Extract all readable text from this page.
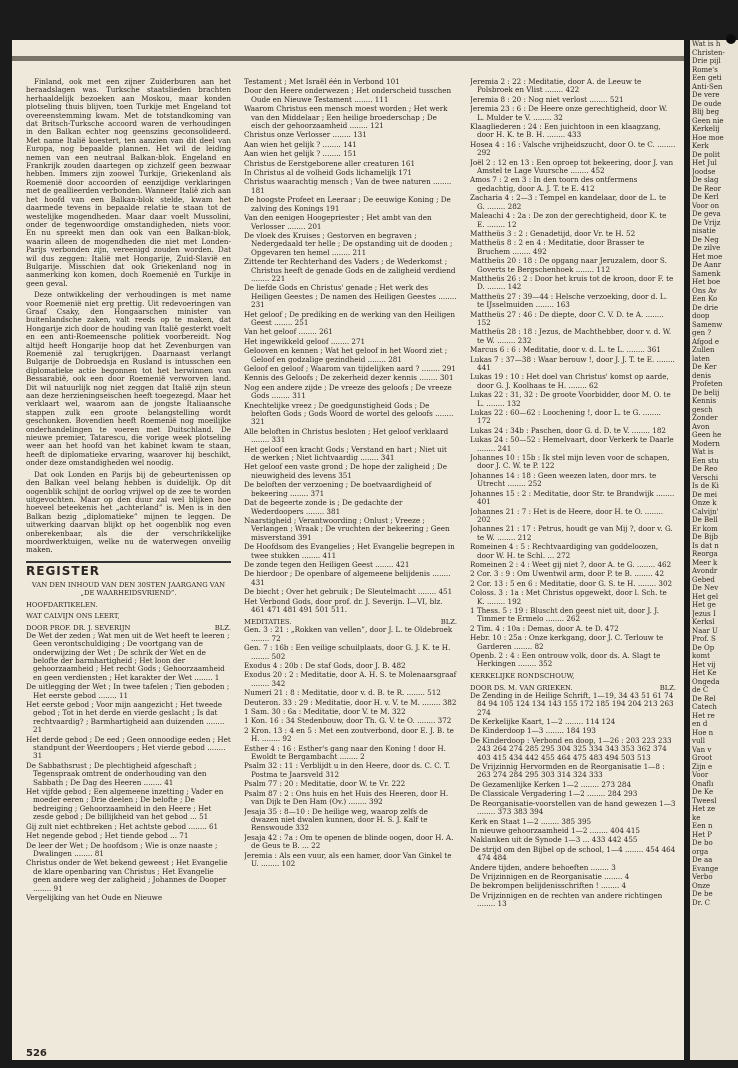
Finland, ook met een zijner Zuiderburen aan het beraadslagen was. Turksche staatslieden brachten herhaaldelijk bezoeken aan Moskou, maar konden plotseling thuis blijven, toen Turkije met Engeland tot overeenstemming kwam. Met de totstandkoming van dat Britsch-Turksche accoord waren de verhoudingen in den Balkan echter nog geenszins geconsolideerd. Met name Italië koestert, ten aanzien van dit deel van Europa, nog bepaalde plannen. Het wil de leiding nemen van een neutraal Balkan-blok. Engeland en Frankrijk zouden daartegen op zichzelf geen bezwaar hebben. Immers zijn zoowel Turkije, Griekenland als Roemenië door accoorden of eenzijdige verklaringen met de geallieerden verbonden. Wanneer Italië zich aan het hoofd van een Balkan-blok stelde, kwam het daarmede tevens in bepaalde relatie te staan tot de westelijke mogendheden. Maar daar voelt Mussolini, onder de tegenwoordige omstandigheden, niets voor. En nu spreekt men dan ook van een Balkan-blok, waarin alleen de mogendheden die niet met Londen-Parijs verbonden zijn, vereenigd zouden worden. Dat wil dus zeggen: Italië met Hongarije, Zuid-Slavië en Bulgarije. Misschien dat ook Griekenland nog in aanmerking kon komen, doch Roemenië en Turkije in geen geval.

Deze ontwikkeling der verhoudingen is met name voor Roemenië niet erg prettig. Uit redevoeringen van Graaf Csaky, den Hongaarschen minister van buitenlandsche zaken, valt reeds op te maken, dat Hongarije zich door de houding van Italië gesterkt voelt en een anti-Roemeensche politiek voorbereidt. Nog altijd heeft Hongarije hoop dat het Zevenburgen van Roemenië zal terugkrijgen. Daarnaast verlangt Bulgarije de Dobroedsja en Rusland is intusschen een diplomatieke actie begonnen tot het herwinnen van Bessarabië, ook een door Roemenië verworven land. Dit wil natuurlijk nog niet zeggen dat Italië zijn steun aan deze herzieningseischen heeft toegezegd. Maar het verklaart wel, waarom aan de jongste Italiaansche stappen zulk een groote belangstelling wordt geschonken. Bovendien heeft Roemenië nog moeilijke onderhandelingen te voeren met Duitschland. De nieuwe premier, Tatarescu, die vorige week plotseling weer aan het hoofd van het kabinet kwam te staan, heeft de diplomatieke ervaring, waarover hij beschikt, onder deze omstandigheden wel noodig.

Dat ook Londen en Parijs bij de gebeurtenissen op den Balkan veel belang hebben is duidelijk. Op dit oogenblik schijnt de oorlog vrijwel op de zee te worden uitgevochten. Maar op den duur zal wel blijken hoe hoeveel beteekenis het „achterland” is. Men is in den Balkan bezig „diplomatieke” mijnen te leggen. De uitwerking daarvan blijkt op het oogenblik nog even onberekenbaar, als die der verschrikkelijke moordwerktuigen, welke nu de waterwegen onveilig maken.

REGISTER
VAN DEN INHOUD VAN DEN 30STEN JAARGANG VAN „DE WAARHEIDSVRIEND”.
HOOFDARTIKELEN.
WAT CALVIJN ONS LEERT,
DOOR PROF. DR. J. SEVERIJN	BLZ.
De Wet der zeden ; Wat men uit de Wet heeft te leeren ; Geen verontschuldiging ; De voortgang van de onderwijzing der Wet ; De schrik der Wet en de belofte der barmhartigheid ; Het loon der gehoorzaamheid ; Het recht Gods ; Gehoorzaamheid en geen verdiensten ; Het karakter der Wet ........ 1
De uitlegging der Wet ; In twee tafelen ; Tien geboden ; Het eerste gebod ........ 11
Het eerste gebod ; Voor mijn aangezicht ; Het tweede gebod ; Tot in het derde en vierde geslacht ; Is dat rechtvaardig? ; Barmhartigheid aan duizenden ........ 21
Het derde gebod ; De eed ; Geen onnoodige eeden ; Het standpunt der Weerdoopers ; Het vierde gebod ........ 31
De Sabbathsrust ; De plechtigheid afgeschaft ; Tegenspraak omtrent de onderhouding van den Sabbath ; De Dag des Heeren ........ 41
Het vijfde gebod ; Een algemeene inzetting ; Vader en moeder eeren ; Drie deelen ; De belofte ; De bedreiging ; Gehoorzaamheid in den Heere ; Het zesde gebod ; De billijkheid van het gebod ... 51
Gij zult niet echtbreken ; Het achtste gebod ........ 61
Het negende gebod ; Het tiende gebod ... 71
De leer der Wet ; De hoofdsom ; Wie is onze naaste ; Dwalingen ........ 81
Christus onder de Wet bekend geweest ; Het Evangelie de klare openbaring van Christus ; Het Evangelie geen andere weg der zaligheid ; Johannes de Dooper ........ 91
Vergelijking van het Oude en Nieuwe
Testament ; Met Israël één in Verbond 101
Door den Heere onderwezen ; Het onderscheid tusschen Oude en Nieuwe Testament ........ 111
Waarom Christus een mensch moest worden ; Het werk van den Middelaar ; Een heilige broederschap ; De eisch der gehoorzaamheid ........ 121
Christus onze Verlosser ........ 131
Aan wien het gelijk ? ........ 141
Aan wien het gelijk ? ........ 151
Christus de Eerstgeborene aller creaturen 161
In Christus al de volheid Gods lichamelijk 171
Christus waarachtig mensch ; Van de twee naturen ........ 181
De hoogste Profeet en Leeraar ; De eeuwige Koning ; De zalving des Konings 191
Van den eenigen Hoogepriester ; Het ambt van den Verlosser ........ 201
De vloek des Kruises ; Gestorven en begraven ; Nedergedaald ter helle ; De opstanding uit de dooden ; Opgevaren ten hemel ........ 211
Zittende ter Rechterhand des Vaders ; de Wederkomst ; Christus heeft de genade Gods en de zaligheid verdiend ........ 221
De liefde Gods en Christus' genade ; Het werk des Heiligen Geestes ; De namen des Heiligen Geestes ........ 231
Het geloof ; De prediking en de werking van den Heiligen Geest ........ 251
Van het geloof ........ 261
Het ingewikkeld geloof ........ 271
Gelooven en kennen ; Wat het geloof in het Woord ziet ; Geloof en godzalige gezindheid ........ 281
Geloof en geloof ; Waarom van tijdelijken aard ? ........ 291
Kennis des Geloofs ; De zekerheid dezer kennis ........ 301
Nog een andere zijde ; De vreeze des geloofs ; De vreeze Gods ........ 311
Knechtelijke vreez ; De goedgunstigheid Gods ; De beloften Gods ; Gods Woord de wortel des geloofs ........ 321
Alle beloften in Christus besloten ; Het geloof verklaard ........ 331
Het geloof een kracht Gods ; Verstand en hart ; Niet uit de werken ; Niet lichtvaardig ........ 341
Het geloof een vaste grond ; De hope der zaligheid ; De nieuwigheid des levens 351
De beloften der verzoening ; De boetvaardigheid of bekeering ........ 371
Dat de begeerte zonde is ; De gedachte der Wederdoopers ........ 381
Naarstigheid ; Verantwoording ; Onlust ; Vreeze ; Verlangen ; Wraak ; De vruchten der bekeering ; Geen misverstand 391
De Hoofdsom des Evangelies ; Het Evangelie begrepen in twee stukken ........ 411
De zonde tegen den Heiligen Geest ........ 421
De hierdoor ; De openbare of algemeene belijdenis ........ 431
De biecht ; Over het gebruik ; De Sleutelmacht ........ 451
Het Verbond Gods, door prof. dr. J. Severijn. I—VI, blz. 461 471 481 491 501 511.
MEDITATIES.	BLZ.
Gen. 3 : 21 : „Rokken van vellen”, door J. L. te Oldebroek ........ 72
Gen. 7 : 16b : Een veilige schuilplaats, door G. J. K. te H. ........ 502
Exodus 4 : 20b : De staf Gods, door J. B. 482
Exodus 20 : 2 : Meditatie, door A. H. S. te Molenaarsgraaf ........ 342
Numeri 21 : 8 : Meditatie, door v. d. B. te R. ........ 512
Deuteron. 33 : 29 : Meditatie, door H. v. V. te M. ........ 382
1 Sam. 30 : 6a : Meditatie, door V. te M. 322
1 Kon. 16 : 34 Stedenbouw, door Th. G. V. te O. ........ 372
2 Kron. 13 : 4 en 5 : Met een zoutverbond, door E. J. B. te H. ........ 92
Esther 4 : 16 : Esther's gang naar den Koning ! door H. Ewoldt te Bergambacht ........ 2
Psalm 32 : 11 : Verblijdt u in den Heere, door ds. C. C. T. Postma te Jaarsveld 312
Psalm 77 : 20 : Meditatie, door W. te Vr. 222
Psalm 87 : 2 : Ons huis en het Huis des Heeren, door H. van Dijk te Den Ham (Ov.) ........ 392
Jesaja 35 : 8—10 : De heilige weg, waarop zelfs de dwazen niet dwalen kunnen, door H. S. J. Kalf te Renswoude 332
Jesaja 42 : 7a : Om te openen de blinde oogen, door H. A. de Geus te B. ... 22
Jeremia : Als een vuur, als een hamer, door Van Ginkel te U. ........ 102
Jeremia 2 : 22 : Meditatie, door A. de Leeuw te Polsbroek en Vlist ........ 422
Jeremia 8 : 20 : Nog niet verlost ........ 521
Jeremia 23 : 6 : De Heere onze gerechtigheid, door W. L. Mulder te V. ........ 32
Klaagliederen : 24 : Een juichtoon in een klaagzang, door H. K. te B. H. ........ 433
Hosea 4 : 16 : Valsche vrijheidszucht, door O. te C. ........ 292
Joël 2 : 12 en 13 : Een oproep tot bekeering, door J. van Amstel te Lage Vuursche ........ 452
Amos 7 : 2 en 3 : In den toorn des ontfermens gedachtig, door A. J. T. te E. 412
Zacharia 4 : 2—3 : Tempel en kandelaar, door de L. te G. ........ 282
Maleachi 4 : 2a : De zon der gerechtigheid, door K. te E. ........ 12
Mattheüs 3 : 2 : Genadetijd, door Vr. te H. 52
Mattheüs 8 : 2 en 4 : Meditatie, door Brasser te Bruchem ........ 492
Mattheüs 20 : 18 : De opgang naar Jeruzalem, door S. Goverts te Bergschenhoek ........ 112
Mattheüs 26 : 2 : Door het kruis tot de kroon, door F. te D. ........ 142
Mattheüs 27 : 39—44 : Helsche verzoeking, door d. L. te IJsselmuiden ........ 163
Mattheüs 27 : 46 : De diepte, door C. V. D. te A. ........ 152
Mattheüs 28 : 18 : Jezus, de Machthebber, door v. d. W. te W. ........ 232
Marcus 6 : 6 : Meditatie, door v. d. L. te L. ........ 361
Lukas 7 : 37—38 : Waar berouw !, door J. J. T. te E. ........ 441
Lukas 19 : 10 : Het doel van Christus' komst op aarde, door G. J. Koolhaas te H. ........ 62
Lukas 22 : 31, 32 : De groote Voorbidder, door M. O. te L. ........ 132
Lukas 22 : 60—62 : Loochening !, door L. te G. ........ 172
Lukas 24 : 34b : Paschen, door G. d. D. te V. ........ 182
Lukas 24 : 50—52 : Hemelvaart, door Verkerk te Daarle ........ 241
Johannes 10 : 15b : Ik stel mijn leven voor de schapen, door J. C. W. te P. 122
Johannes 14 : 18 : Geen weezen laten, door mrs. te Utrecht ........ 252
Johannes 15 : 2 : Meditatie, door Str. te Brandwijk ........ 401
Johannes 21 : 7 : Het is de Heere, door H. te O. ........ 202
Johannes 21 : 17 : Petrus, houdt ge van Mij ?, door v. G. te W. ........ 212
Romeinen 4 : 5 : Rechtvaardiging van goddeloozen, door W. H. te Schl. ... 272
Romeinen 2 : 4 : Weet gij niet ?, door A. te G. ........ 462
2 Cor. 3 : 9 : Om Uwentwil arm, door P. te B. ........ 42
2 Cor. 13 : 5 en 6 : Meditatie, door G. S. te H. ........ 302
Coloss. 3 : 1a : Met Christus opgewekt, door l. Sch. te K. ........ 192
1 Thess. 5 : 19 : Bluscht den geest niet uit, door J. J. Timmer te Ermelo ........ 262
2 Tim. 4 : 10a : Demas, door A. te D. 472
Hebr. 10 : 25a : Onze kerkgang, door J. C. Terlouw te Garderen ........ 82
Openb. 2 : 4 : Een ontrouw volk, door ds. A. Slagt te Herkingen ........ 352
KERKELIJKE RONDSCHOUW,
DOOR DS. M. VAN GRIEKEN.	BLZ.
De Zending in de Heilige Schrift, 1—19, 34 43 51 61 74 84 94 105 124 134 143 155 172 185 194 204 213 263 274
De Kerkelijke Kaart, 1—2 ........ 114 124
De Kinderdoop 1—3 ........ 184 193
De Kinderdoop : Verbond en doop, 1—26 : 203 223 233 243 264 274 285 295 304 325 334 343 353 362 374 403 415 434 442 455 464 475 483 494 503 513
De Vrijzinnig Hervormden en de Reorganisatie 1—8 : 263 274 284 295 303 314 324 333
De Gezamenlijke Kerken 1—2 ........ 273 284
De Classicale Vergadering 1—2 ........ 284 293
De Reorganisatie-voorstellen van de hand gewezen 1—3 ........ 373 383 394
Kerk en Staat 1—2 ........ 385 395
In nieuwe gehoorzaamheid 1—2 ........ 404 415
Naklanken uit de Synode 1—3 ... 433 442 455
De strijd om den Bijbel op de school, 1—4 ........ 454 464 474 484
Andere tijden, andere behoeften ........ 3
De Vrijzinnigen en de Reorganisatie ........ 4
De bekrompen belijdenisschriften ! ........ 4
De Vrijzinnigen en de rechten van andere richtingen ........ 13
526
Wat is h
Christen-
Drie pijl
Rome's
Een geti
Anti-Sen
De vere
De oude
Blij beg
Geen nie
Kerkelij
Hoe moe
Kerk
De polit
Het Jul
Joodse
De slag
De Reor
De Kerl
Voor on
De geva
De Vrijz
nisatie
De Neg
De zilve
Het moe
De Aanr
Samenk
Het boe
Ons Av
Een Ko
De drie
doop
Samenw
gen ?
Afgod e
Zullen
laten
De Ker
denis
Profeten
De belij
Kennis
gesch
Zonder
Avon
Geen he
Modern
Wat is
Een stu
De Reo
Verschi
Is de Ki
De mei
Onze k
Calvijn'
De Bell
Er kom
De Bijb
Is dat n
Reorga
Meer k
Avondr
Gebed
De Nev
Het gel
Het ge
Jezus I
Kerksl
Naar U
Prof. S
De Op
komt
Het vij
Het Ke
Ongeda
de C
De Rel
Catech
Het re
en d
Hoe n
vull
Van v
Groot
Zijn e
Voor
Onaflı
De Ke
Tweesl
Het ze
ke
Een n
Het P
De bo
orga
De aa
Evange
Verbo
Onze
De be
Dr. C
